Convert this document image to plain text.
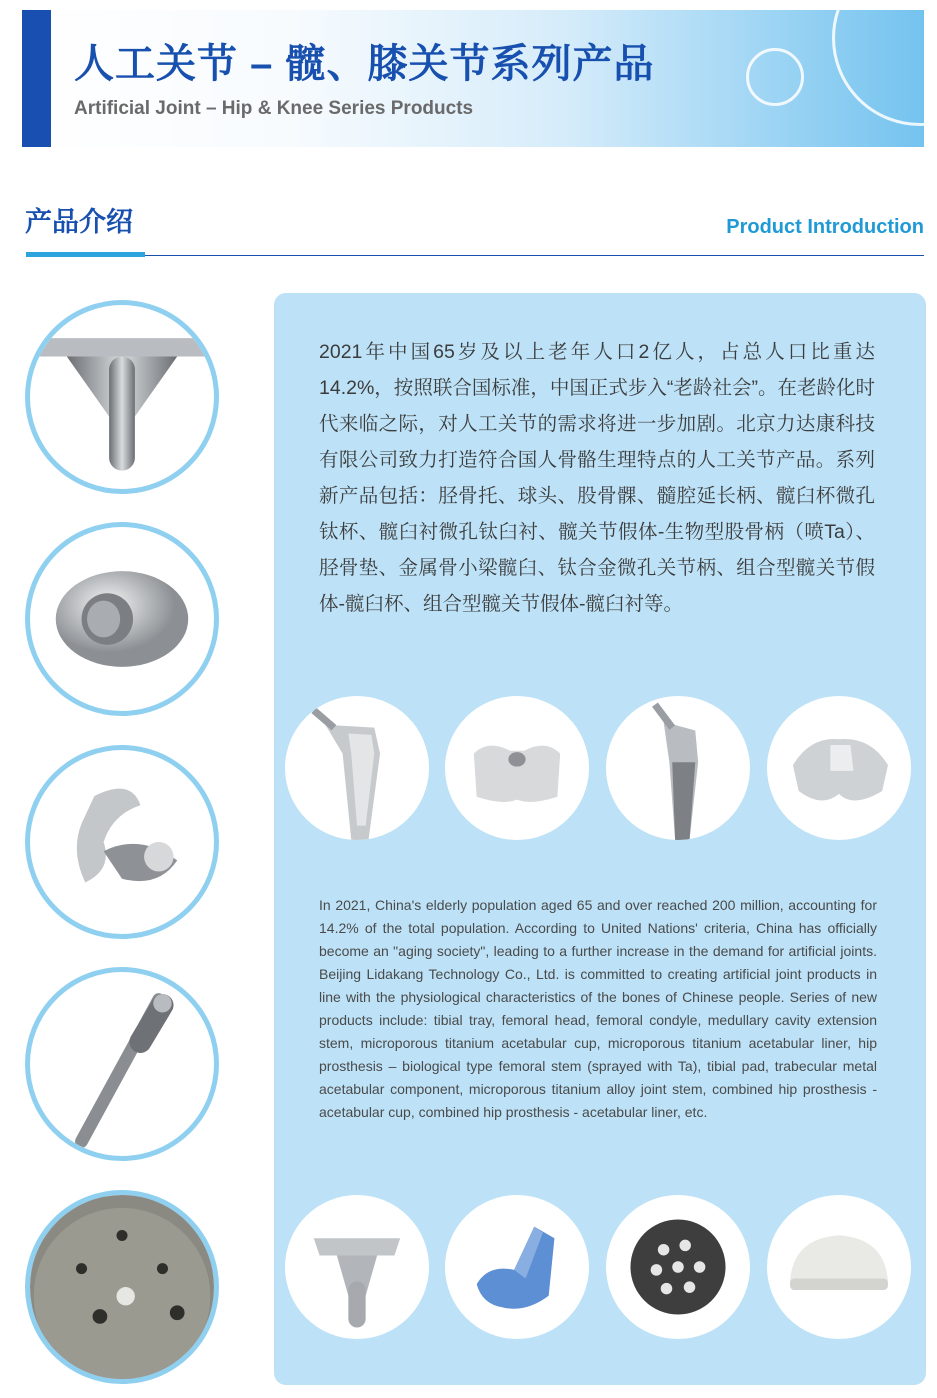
人工关节 – 髋、膝关节系列产品
Artificial Joint – Hip & Knee Series Products
产品介绍	Product Introduction

2021年中国65岁及以上老年人口2亿人，占总人口比重达14.2%，按照联合国标准，中国正式步入“老龄社会”。在老龄化时代来临之际，对人工关节的需求将进一步加剧。北京力达康科技有限公司致力打造符合国人骨骼生理特点的人工关节产品。系列新产品包括：胫骨托、球头、股骨髁、髓腔延长柄、髋臼杯微孔钛杯、髋臼衬微孔钛臼衬、髋关节假体-生物型股骨柄（喷Ta）、胫骨垫、金属骨小梁髋臼、钛合金微孔关节柄、组合型髋关节假体-髋臼杯、组合型髋关节假体-髋臼衬等。

In 2021, China's elderly population aged 65 and over reached 200 million, accounting for 14.2% of the total population. According to United Nations' criteria, China has officially become an "aging society", leading to a further increase in the demand for artificial joints. Beijing Lidakang Technology Co., Ltd. is committed to creating artificial joint products in line with the physiological characteristics of the bones of Chinese people. Series of new products include: tibial tray, femoral head, femoral condyle, medullary cavity extension stem, microporous titanium acetabular cup, microporous titanium acetabular liner, hip prosthesis – biological type femoral stem (sprayed with Ta), tibial pad, trabecular metal acetabular component, microporous titanium alloy joint stem, combined hip prosthesis - acetabular cup, combined hip prosthesis - acetabular liner, etc.
